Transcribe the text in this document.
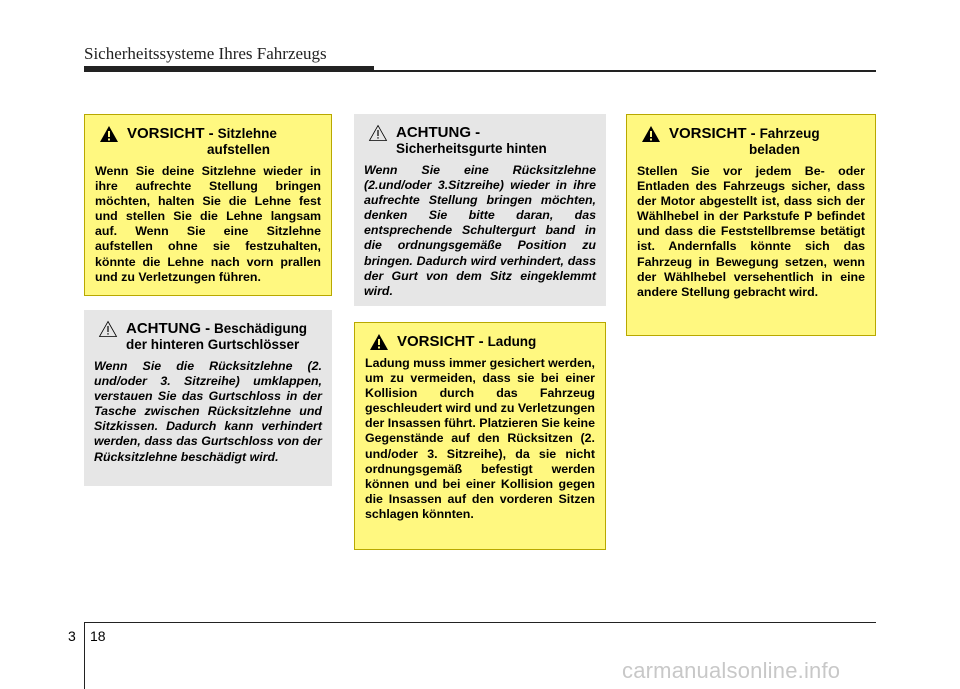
Sicherheitssysteme Ihres Fahrzeugs
VORSICHT - Sitzlehne
aufstellen
Wenn Sie deine Sitzlehne wieder in ihre aufrechte Stellung bringen möchten, halten Sie die Lehne fest und stellen Sie die Lehne langsam auf. Wenn Sie eine Sitzlehne aufstellen ohne sie festzuhalten, könnte die Lehne nach vorn prallen und zu Verletzungen führen.
ACHTUNG - Beschädigung
der hinteren Gurtschlösser
Wenn Sie die Rücksitzlehne (2. und/oder 3. Sitzreihe) umklappen, verstauen Sie das Gurtschloss in der Tasche zwischen Rücksitzlehne und Sitzkissen. Dadurch kann verhindert werden, dass das Gurtschloss von der Rücksitzlehne beschädigt wird.
ACHTUNG -
Sicherheitsgurte hinten
Wenn Sie eine Rücksitzlehne (2.und/oder 3.Sitzreihe) wieder in ihre aufrechte Stellung bringen möchten, denken Sie bitte daran, das entsprechende Schultergurt band in die ordnungsgemäße Position zu bringen. Dadurch wird verhindert, dass der Gurt von dem Sitz eingeklemmt wird.
VORSICHT - Ladung
Ladung muss immer gesichert werden, um zu vermeiden, dass sie bei einer Kollision durch das Fahrzeug geschleudert wird und zu Verletzungen der Insassen führt. Platzieren Sie keine Gegenstände auf den Rücksitzen (2. und/oder 3. Sitzreihe), da sie nicht ordnungsgemäß befestigt werden können und bei einer Kollision gegen die Insassen auf den vorderen Sitzen schlagen könnten.
VORSICHT - Fahrzeug
beladen
Stellen Sie vor jedem Be- oder Entladen des Fahrzeugs sicher, dass der Motor abgestellt ist, dass sich der Wählhebel in der Parkstufe P befindet und dass die Feststellbremse betätigt ist. Andernfalls könnte sich das Fahrzeug in Bewegung setzen, wenn der Wählhebel versehentlich in eine andere Stellung gebracht wird.
3 18
carmanualsonline.info
